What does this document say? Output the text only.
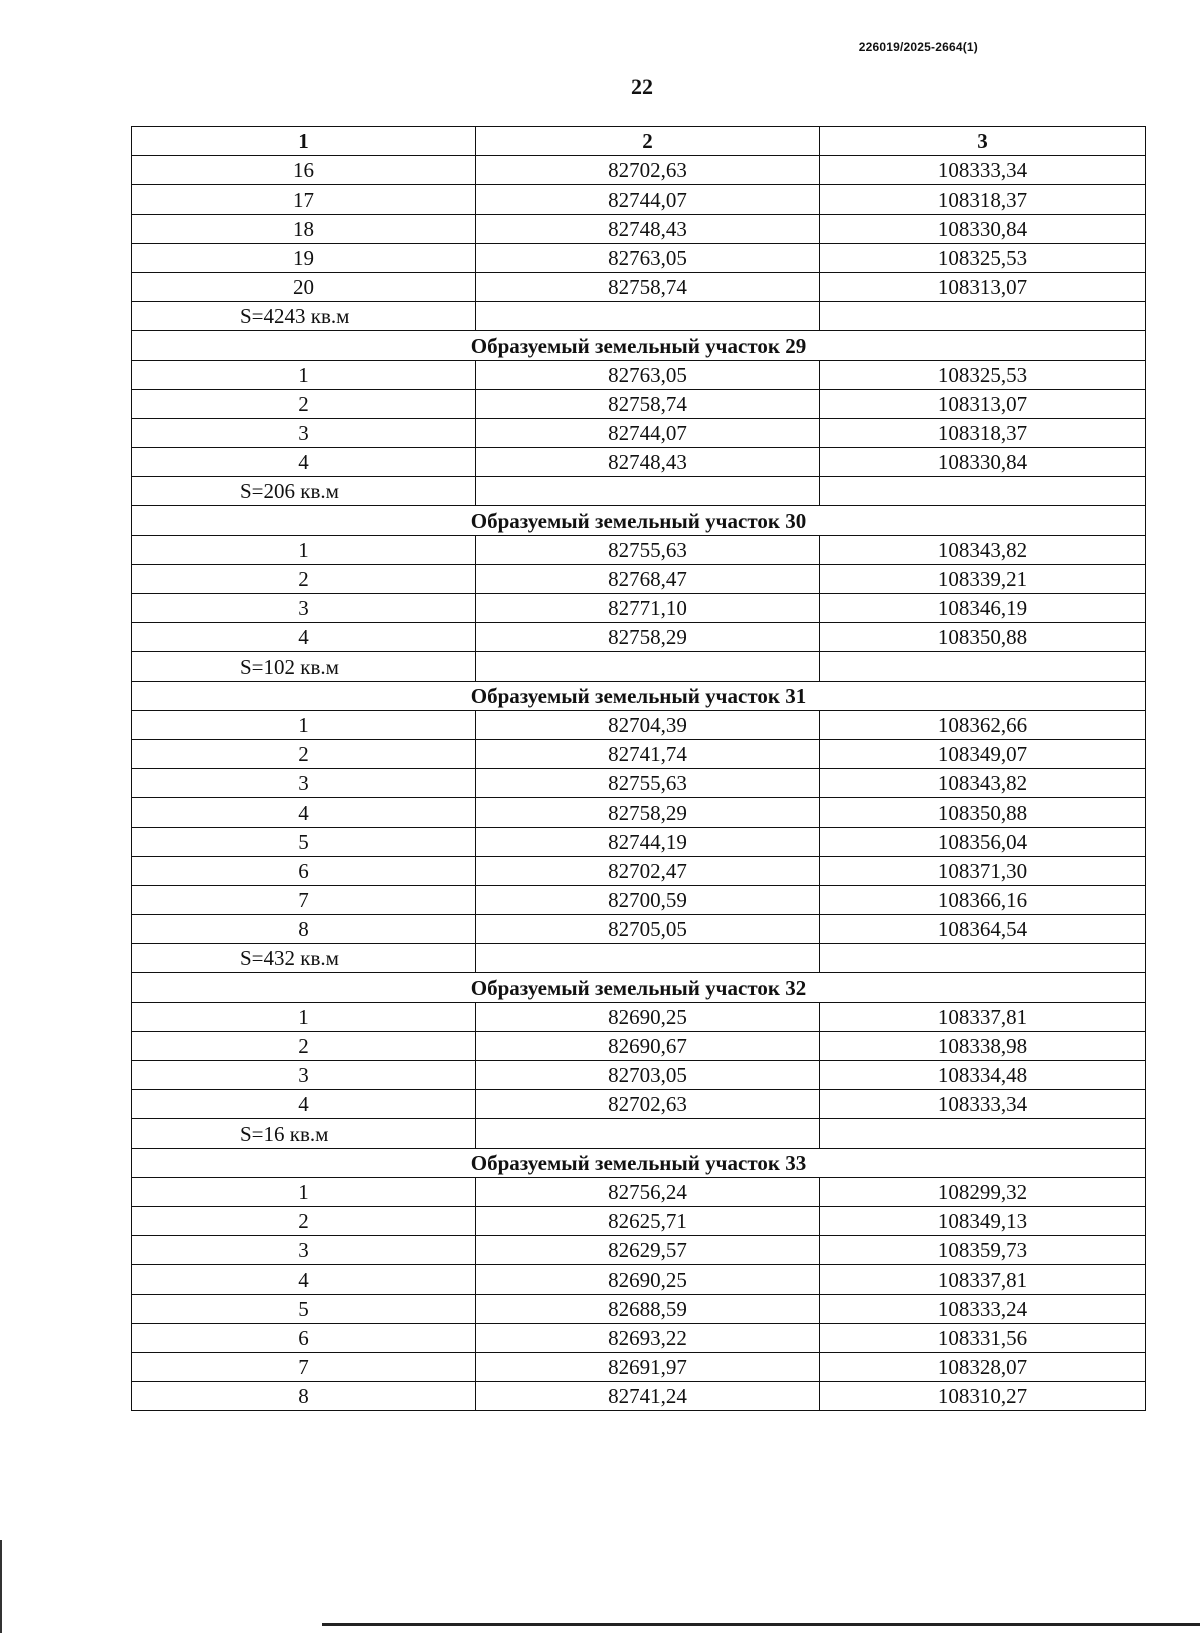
226019/2025-2664(1)
22
1	2	3
16	82702,63	108333,34
17	82744,07	108318,37
18	82748,43	108330,84
19	82763,05	108325,53
20	82758,74	108313,07
S=4243 кв.м		
Образуемый земельный участок 29		
1	82763,05	108325,53
2	82758,74	108313,07
3	82744,07	108318,37
4	82748,43	108330,84
S=206 кв.м		
Образуемый земельный участок 30		
1	82755,63	108343,82
2	82768,47	108339,21
3	82771,10	108346,19
4	82758,29	108350,88
S=102 кв.м		
Образуемый земельный участок 31		
1	82704,39	108362,66
2	82741,74	108349,07
3	82755,63	108343,82
4	82758,29	108350,88
5	82744,19	108356,04
6	82702,47	108371,30
7	82700,59	108366,16
8	82705,05	108364,54
S=432 кв.м		
Образуемый земельный участок 32		
1	82690,25	108337,81
2	82690,67	108338,98
3	82703,05	108334,48
4	82702,63	108333,34
S=16 кв.м		
Образуемый земельный участок 33		
1	82756,24	108299,32
2	82625,71	108349,13
3	82629,57	108359,73
4	82690,25	108337,81
5	82688,59	108333,24
6	82693,22	108331,56
7	82691,97	108328,07
8	82741,24	108310,27
